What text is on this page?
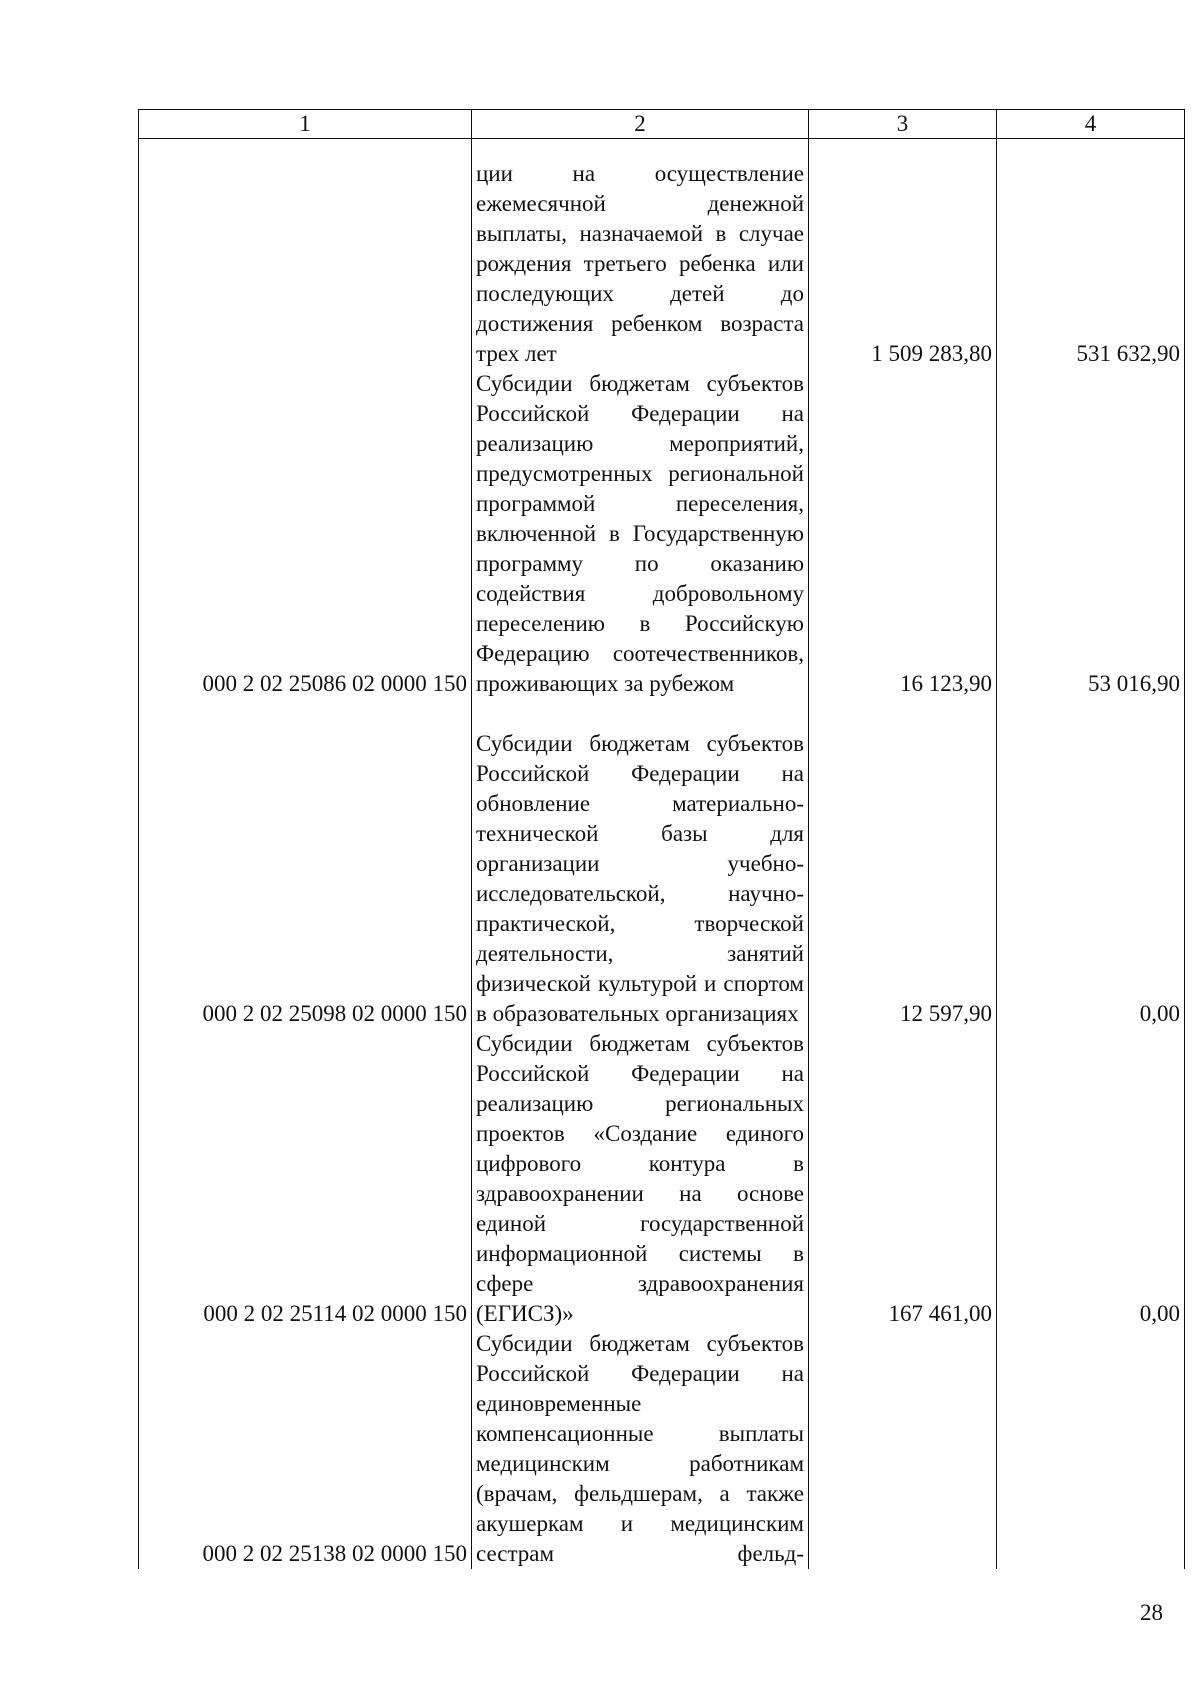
1	2	3	4
	ции на осуществление ежемесячной денежной выплаты, назначаемой в случае рождения третьего ребенка или последующих детей до достижения ребенком возраста трех лет	1 509 283,80	531 632,90
000 2 02 25086 02 0000 150	Субсидии бюджетам субъектов Российской Федерации на реализацию мероприятий, предусмотренных региональной программой переселения, включенной в Государственную программу по оказанию содействия добровольному переселению в Российскую Федерацию соотечественников, проживающих за рубежом	16 123,90	53 016,90
000 2 02 25098 02 0000 150	Субсидии бюджетам субъектов Российской Федерации на обновление материально-технической базы для организации учебно-исследовательской, научно-практической, творческой деятельности, занятий физической культурой и спортом в образовательных организациях	12 597,90	0,00
000 2 02 25114 02 0000 150	Субсидии бюджетам субъектов Российской Федерации на реализацию региональных проектов «Создание единого цифрового контура в здравоохранении на основе единой государственной информационной системы в сфере здравоохранения (ЕГИСЗ)»	167 461,00	0,00
000 2 02 25138 02 0000 150	Субсидии бюджетам субъектов Российской Федерации на единовременные компенсационные выплаты медицинским работникам (врачам, фельдшерам, а также акушеркам и медицинским сестрам фельд-		
28
